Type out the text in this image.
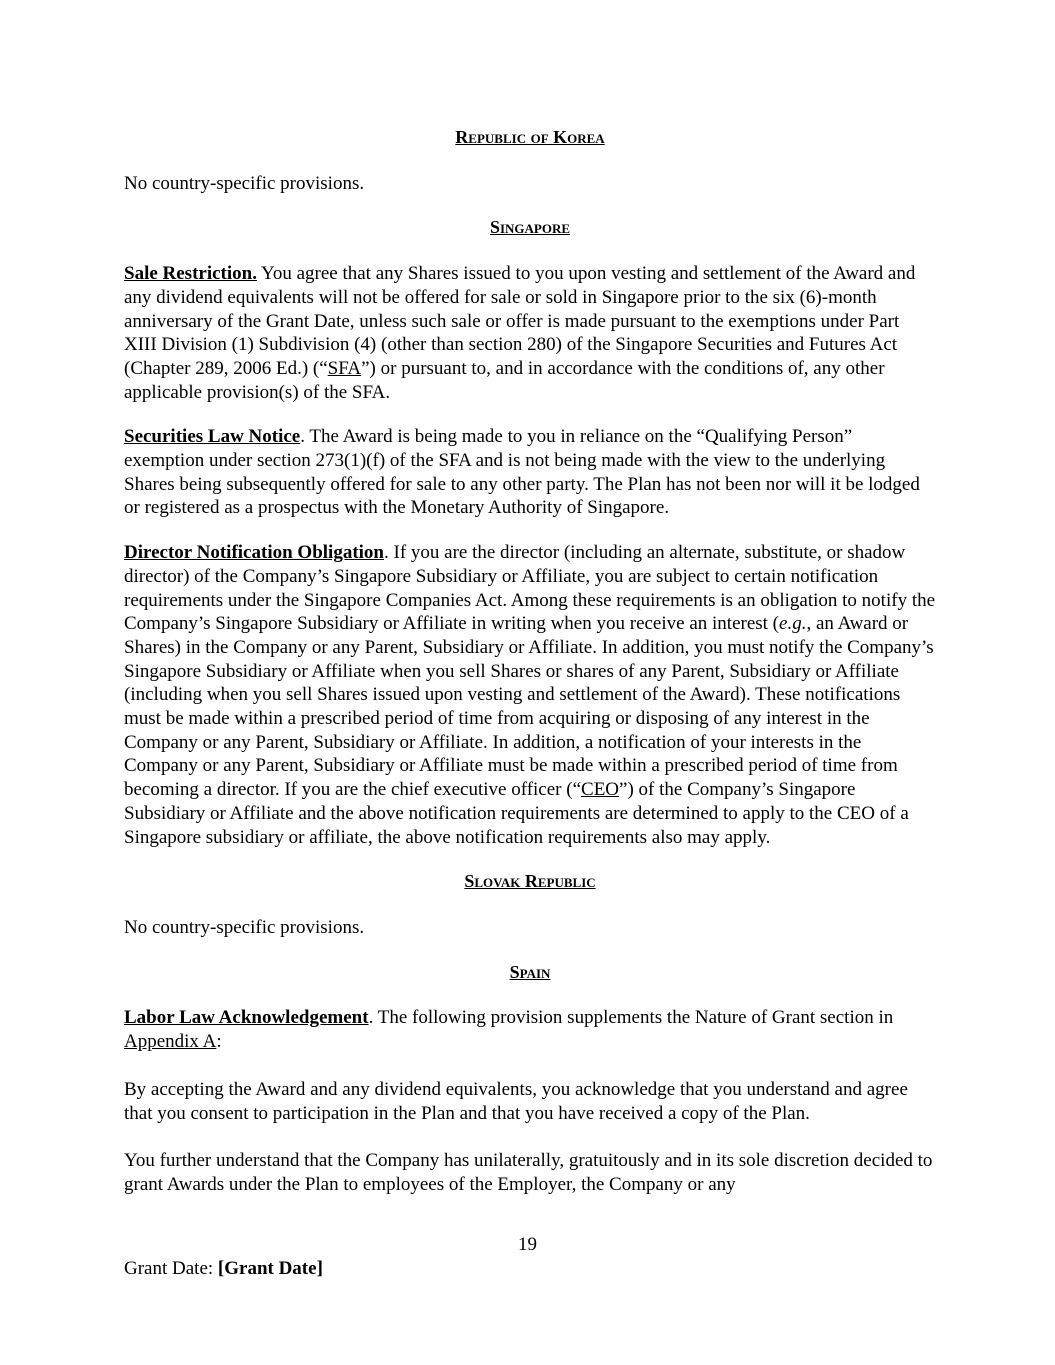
Republic of Korea

No country-specific provisions.

Singapore

Sale Restriction. You agree that any Shares issued to you upon vesting and settlement of the Award and any dividend equivalents will not be offered for sale or sold in Singapore prior to the six (6)-month anniversary of the Grant Date, unless such sale or offer is made pursuant to the exemptions under Part XIII Division (1) Subdivision (4) (other than section 280) of the Singapore Securities and Futures Act (Chapter 289, 2006 Ed.) (“SFA”) or pursuant to, and in accordance with the conditions of, any other applicable provision(s) of the SFA.

Securities Law Notice. The Award is being made to you in reliance on the “Qualifying Person” exemption under section 273(1)(f) of the SFA and is not being made with the view to the underlying Shares being subsequently offered for sale to any other party. The Plan has not been nor will it be lodged or registered as a prospectus with the Monetary Authority of Singapore.

Director Notification Obligation. If you are the director (including an alternate, substitute, or shadow director) of the Company’s Singapore Subsidiary or Affiliate, you are subject to certain notification requirements under the Singapore Companies Act. Among these requirements is an obligation to notify the Company’s Singapore Subsidiary or Affiliate in writing when you receive an interest (e.g., an Award or Shares) in the Company or any Parent, Subsidiary or Affiliate. In addition, you must notify the Company’s Singapore Subsidiary or Affiliate when you sell Shares or shares of any Parent, Subsidiary or Affiliate (including when you sell Shares issued upon vesting and settlement of the Award). These notifications must be made within a prescribed period of time from acquiring or disposing of any interest in the Company or any Parent, Subsidiary or Affiliate. In addition, a notification of your interests in the Company or any Parent, Subsidiary or Affiliate must be made within a prescribed period of time from becoming a director. If you are the chief executive officer (“CEO”) of the Company’s Singapore Subsidiary or Affiliate and the above notification requirements are determined to apply to the CEO of a Singapore subsidiary or affiliate, the above notification requirements also may apply.

Slovak Republic

No country-specific provisions.

Spain

Labor Law Acknowledgement. The following provision supplements the Nature of Grant section in Appendix A:

By accepting the Award and any dividend equivalents, you acknowledge that you understand and agree that you consent to participation in the Plan and that you have received a copy of the Plan.

You further understand that the Company has unilaterally, gratuitously and in its sole discretion decided to grant Awards under the Plan to employees of the Employer, the Company or any

19
Grant Date: [Grant Date]
